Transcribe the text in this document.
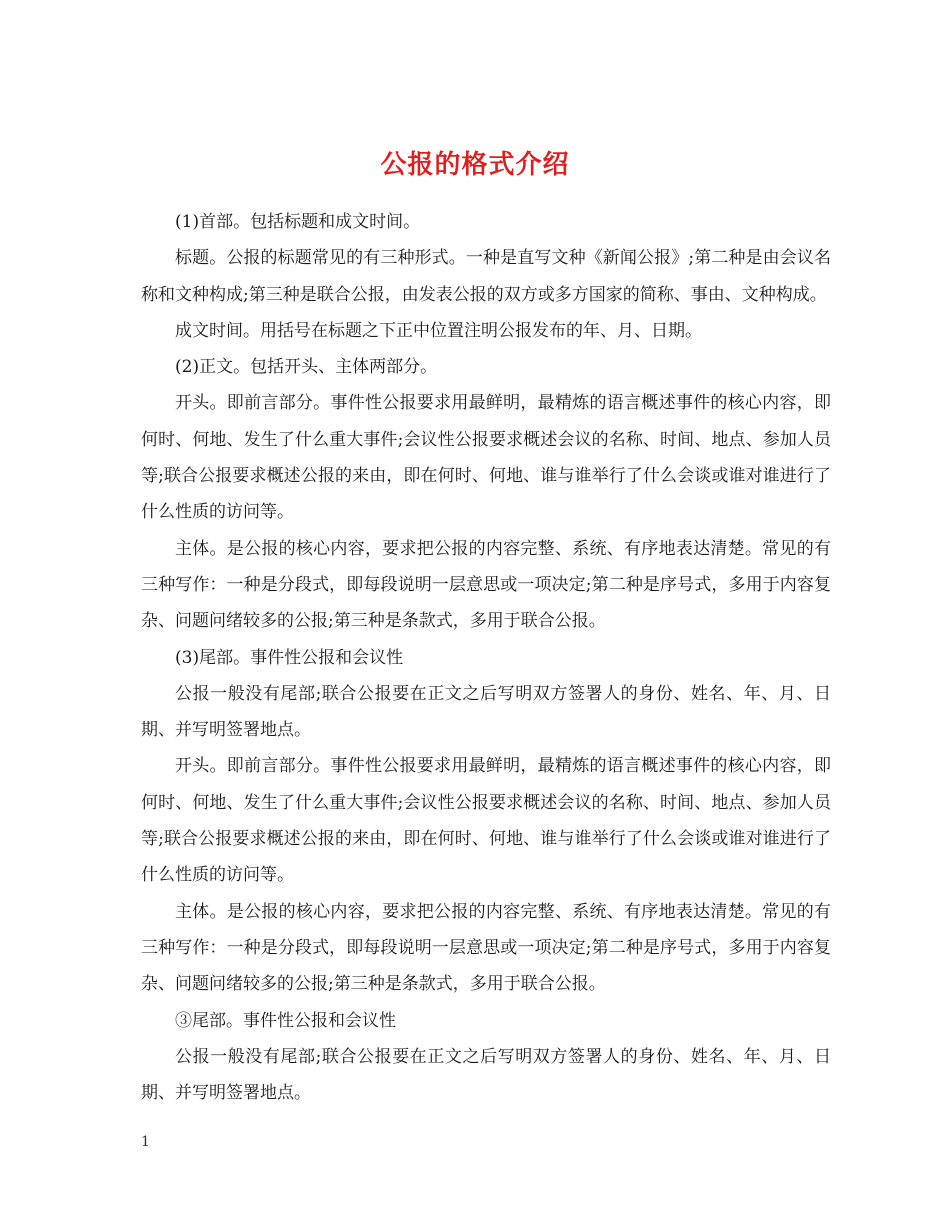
公报的格式介绍

(1)首部。包括标题和成文时间。

标题。公报的标题常见的有三种形式。一种是直写文种《新闻公报》;第二种是由会议名称和文种构成;第三种是联合公报，由发表公报的双方或多方国家的简称、事由、文种构成。

成文时间。用括号在标题之下正中位置注明公报发布的年、月、日期。

(2)正文。包括开头、主体两部分。

开头。即前言部分。事件性公报要求用最鲜明，最精炼的语言概述事件的核心内容，即何时、何地、发生了什么重大事件;会议性公报要求概述会议的名称、时间、地点、参加人员等;联合公报要求概述公报的来由，即在何时、何地、谁与谁举行了什么会谈或谁对谁进行了什么性质的访问等。

主体。是公报的核心内容，要求把公报的内容完整、系统、有序地表达清楚。常见的有三种写作：一种是分段式，即每段说明一层意思或一项决定;第二种是序号式，多用于内容复杂、问题问绪较多的公报;第三种是条款式，多用于联合公报。

(3)尾部。事件性公报和会议性

公报一般没有尾部;联合公报要在正文之后写明双方签署人的身份、姓名、年、月、日期、并写明签署地点。

开头。即前言部分。事件性公报要求用最鲜明，最精炼的语言概述事件的核心内容，即何时、何地、发生了什么重大事件;会议性公报要求概述会议的名称、时间、地点、参加人员等;联合公报要求概述公报的来由，即在何时、何地、谁与谁举行了什么会谈或谁对谁进行了什么性质的访问等。

主体。是公报的核心内容，要求把公报的内容完整、系统、有序地表达清楚。常见的有三种写作：一种是分段式，即每段说明一层意思或一项决定;第二种是序号式，多用于内容复杂、问题问绪较多的公报;第三种是条款式，多用于联合公报。

③尾部。事件性公报和会议性

公报一般没有尾部;联合公报要在正文之后写明双方签署人的身份、姓名、年、月、日期、并写明签署地点。

1
